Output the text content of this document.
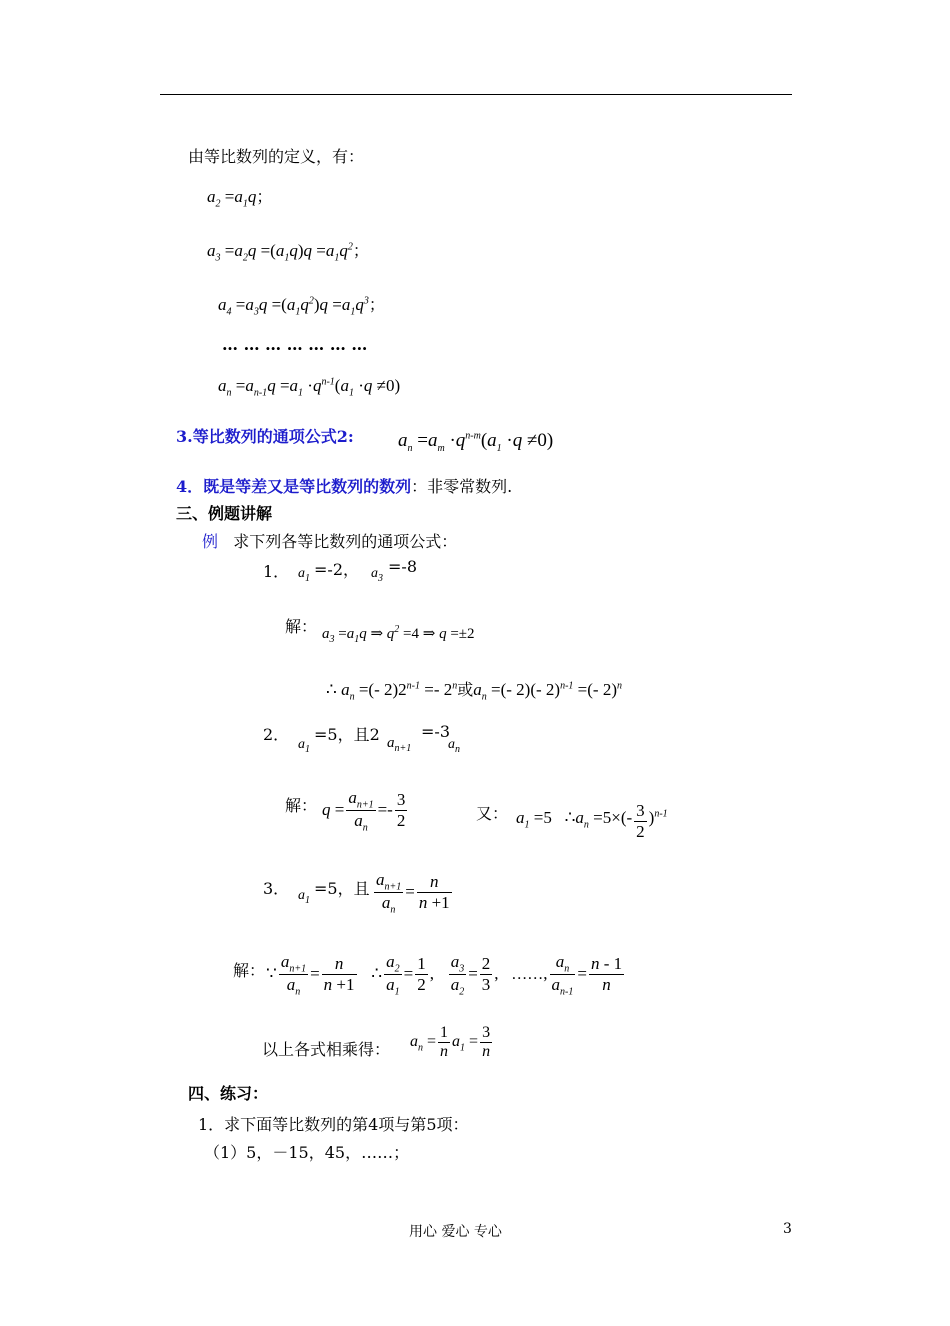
由等比数列的定义，有：
$a_2 =a_1q$；
$a_3 =a_2q =(a_1q)q =a_1q^2$；
$a_4 =a_3q =(a_1q^2)q =a_1q^3$；
… … … … … … …
$a_n =a_{n-1}q =a_1 \cdot q^{n-1}(a_1 \cdot q \ne 0)$
3.等比数列的通项公式2: $a_n =a_m \cdot q^{n-m}(a_1 \cdot q \ne 0)$
4．既是等差又是等比数列的数列：非零常数列.
三、例题讲解
例 求下列各等比数列的通项公式：
1． $a_1 =-2$， $a_3$
=-8
解： $a_3 =a_1q$ ⇒ $q^2 =4$ ⇒ q =±2
∴ $a_n$ =(- $2)2^{n-1} =- 2^n$或$a_n$ =(- 2)(- 2)$^{n-1}$ =(- 2)$^n$
2．
$a_1$
=5，且2 $a_{n+1}$
=-3
$a_n$
解： $q = \frac{a_{n+1}}{a_n} =- \frac{3}{2}$	又： $a_1 =5$   $\therefore a_n =5\times(- \frac{3}{2} )^{n-1}$
3． $a_1$
=5，且 $\frac{a_{n+1}}{a_n} = \frac{n}{n +1}$
解： ∵ $\frac{a_{n+1}}{a_n} = \frac{n}{n +1}$ ∴ $\frac{a_2}{a_1} = \frac{1}{2}$ , $\frac{a_3}{a_2} = \frac{2}{3}$ , ……, $\frac{a_n}{a_{n-1}} = \frac{n - 1}{n}$
以上各式相乘得： $a_n = \frac{1}{n} a_1 = \frac{3}{n}$
四、练习：
1．求下面等比数列的第4项与第5项：
（1）5，－15，45，……；
用心 爱心 专心	3
